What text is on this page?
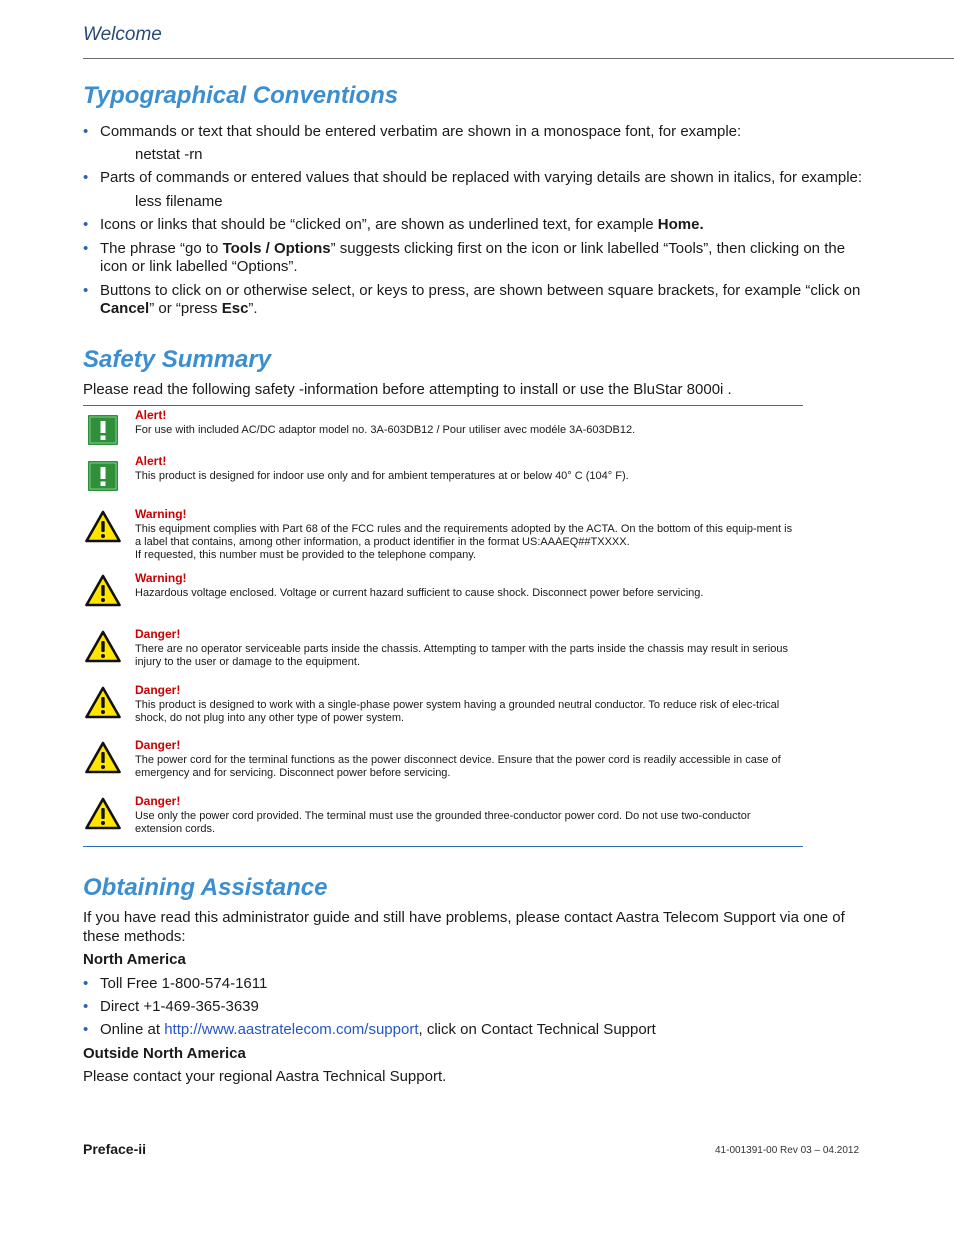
Welcome
Typographical Conventions
• Commands or text that should be entered verbatim are shown in a monospace font, for example:
netstat -rn
• Parts of commands or entered values that should be replaced with varying details are shown in italics, for example:
less filename
• Icons or links that should be “clicked on”, are shown as underlined text, for example Home.
• The phrase “go to Tools / Options” suggests clicking first on the icon or link labelled “Tools”, then clicking on the icon or link labelled “Options”.
• Buttons to click on or otherwise select, or keys to press, are shown between square brackets, for example “click on Cancel” or “press Esc”.
Safety Summary

Please read the following safety -information before attempting to install or use the BluStar 8000i .

Alert!
For use with included AC/DC adaptor model no. 3A-603DB12 / Pour utiliser avec modéle 3A-603DB12.
Alert!
This product is designed for indoor use only and for ambient temperatures at or below 40° C (104° F).
Warning!
This equipment complies with Part 68 of the FCC rules and the requirements adopted by the ACTA. On the bottom of this equip-ment is a label that contains, among other information, a product identifier in the format US:AAAEQ##TXXXX.
If requested, this number must be provided to the telephone company.
Warning!
Hazardous voltage enclosed. Voltage or current hazard sufficient to cause shock. Disconnect power before servicing.
Danger!
There are no operator serviceable parts inside the chassis. Attempting to tamper with the parts inside the chassis may result in serious injury to the user or damage to the equipment.
Danger!
This product is designed to work with a single-phase power system having a grounded neutral conductor. To reduce risk of elec-trical shock, do not plug into any other type of power system.
Danger!
The power cord for the terminal functions as the power disconnect device. Ensure that the power cord is readily accessible in case of emergency and for servicing. Disconnect power before servicing.
Danger!
Use only the power cord provided. The terminal must use the grounded three-conductor power cord. Do not use two-conductor extension cords.
Obtaining Assistance

If you have read this administrator guide and still have problems, please contact Aastra Telecom Support via one of these methods:

North America
• Toll Free 1-800-574-1611
• Direct +1-469-365-3639
• Online at http://www.aastratelecom.com/support, click on Contact Technical Support
Outside North America

Please contact your regional Aastra Technical Support.

Preface-ii	41-001391-00 Rev 03 – 04.2012
